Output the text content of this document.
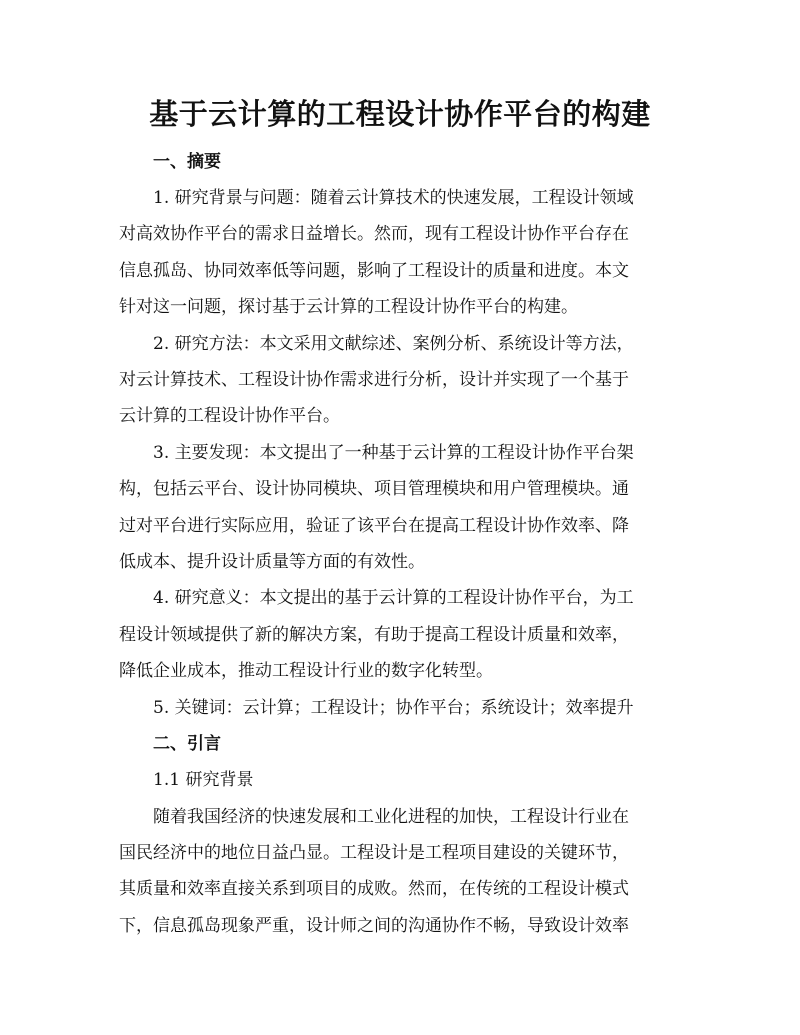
基于云计算的工程设计协作平台的构建
一、摘要

1. 研究背景与问题：随着云计算技术的快速发展，工程设计领域
对高效协作平台的需求日益增长。然而，现有工程设计协作平台存在
信息孤岛、协同效率低等问题，影响了工程设计的质量和进度。本文
针对这一问题，探讨基于云计算的工程设计协作平台的构建。

2. 研究方法：本文采用文献综述、案例分析、系统设计等方法，
对云计算技术、工程设计协作需求进行分析，设计并实现了一个基于
云计算的工程设计协作平台。

3. 主要发现：本文提出了一种基于云计算的工程设计协作平台架
构，包括云平台、设计协同模块、项目管理模块和用户管理模块。通
过对平台进行实际应用，验证了该平台在提高工程设计协作效率、降
低成本、提升设计质量等方面的有效性。

4. 研究意义：本文提出的基于云计算的工程设计协作平台，为工
程设计领域提供了新的解决方案，有助于提高工程设计质量和效率，
降低企业成本，推动工程设计行业的数字化转型。

5. 关键词：云计算；工程设计；协作平台；系统设计；效率提升

二、引言

1.1 研究背景

随着我国经济的快速发展和工业化进程的加快，工程设计行业在
国民经济中的地位日益凸显。工程设计是工程项目建设的关键环节，
其质量和效率直接关系到项目的成败。然而，在传统的工程设计模式
下，信息孤岛现象严重，设计师之间的沟通协作不畅，导致设计效率
